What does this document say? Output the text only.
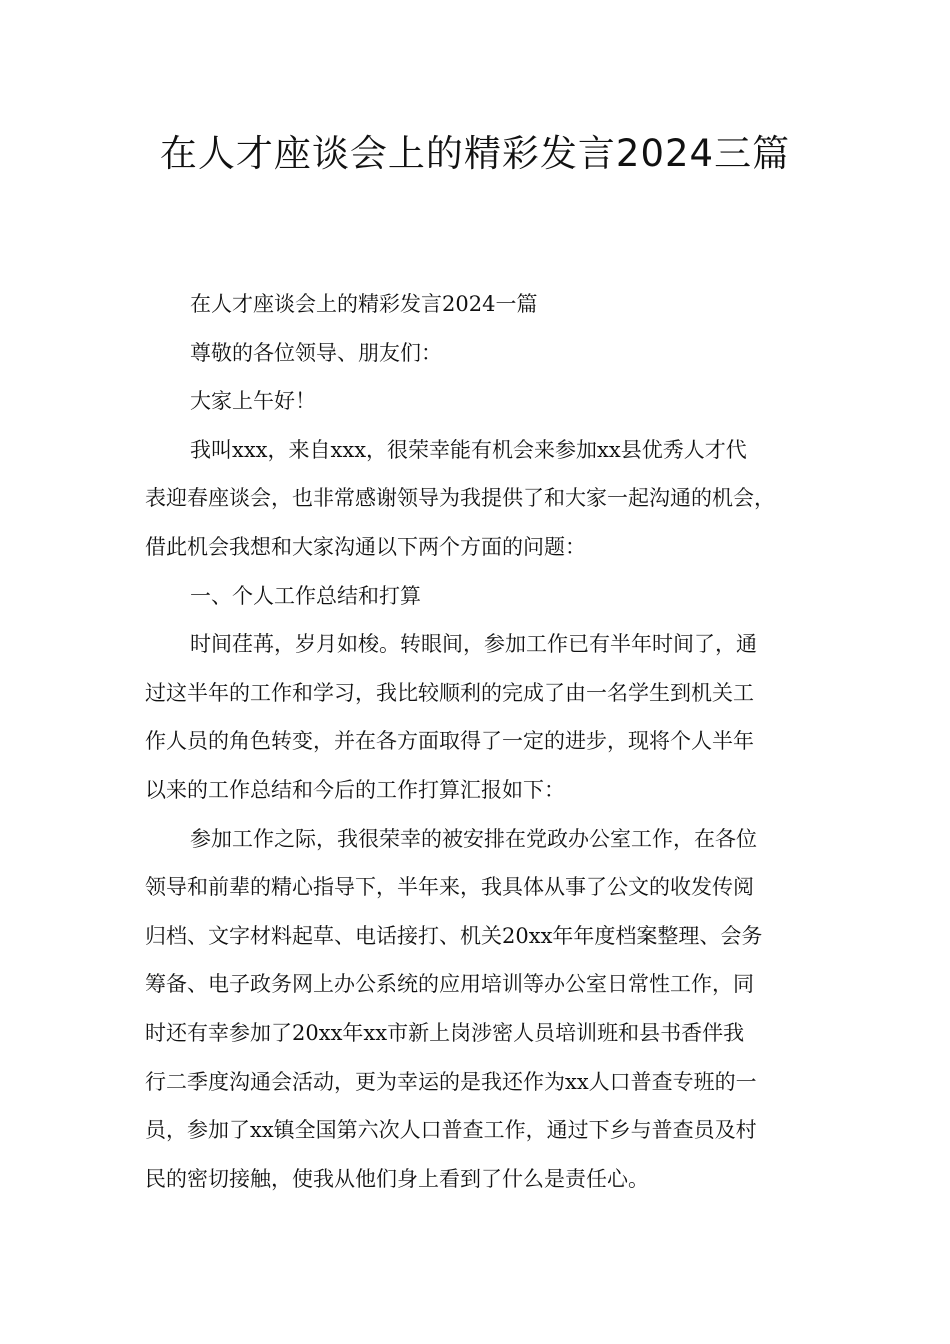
在人才座谈会上的精彩发言2024三篇
在人才座谈会上的精彩发言2024一篇
尊敬的各位领导、朋友们：
大家上午好！
我叫xxx，来自xxx，很荣幸能有机会来参加xx县优秀人才代
表迎春座谈会，也非常感谢领导为我提供了和大家一起沟通的机会，
借此机会我想和大家沟通以下两个方面的问题：
一、个人工作总结和打算
时间荏苒，岁月如梭。转眼间，参加工作已有半年时间了，通
过这半年的工作和学习，我比较顺利的完成了由一名学生到机关工
作人员的角色转变，并在各方面取得了一定的进步，现将个人半年
以来的工作总结和今后的工作打算汇报如下：
参加工作之际，我很荣幸的被安排在党政办公室工作，在各位
领导和前辈的精心指导下，半年来，我具体从事了公文的收发传阅
归档、文字材料起草、电话接打、机关20xx年年度档案整理、会务
筹备、电子政务网上办公系统的应用培训等办公室日常性工作，同
时还有幸参加了20xx年xx市新上岗涉密人员培训班和县书香伴我
行二季度沟通会活动，更为幸运的是我还作为xx人口普查专班的一
员，参加了xx镇全国第六次人口普查工作，通过下乡与普查员及村
民的密切接触，使我从他们身上看到了什么是责任心。
